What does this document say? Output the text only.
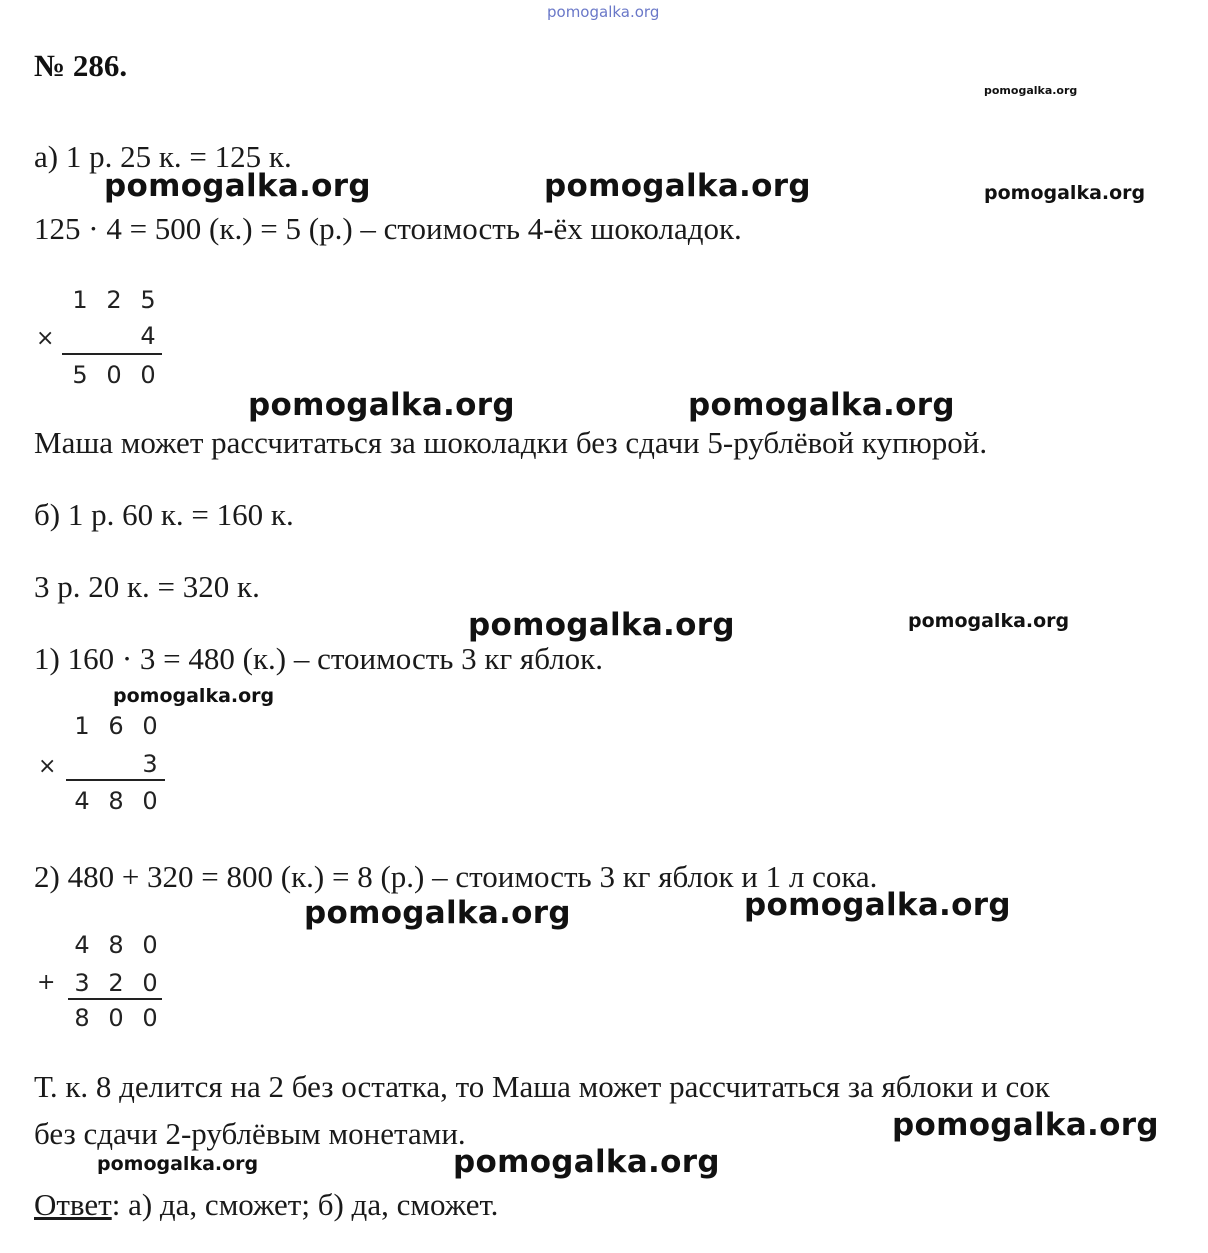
pomogalka.org
№ 286.
pomogalka.org
а) 1 р. 25 к. = 125 к.
pomogalka.org	pomogalka.org	pomogalka.org
125 · 4 = 500 (к.) = 5 (р.) – стоимость 4-ёх шоколадок.
1 2 5
×	4
5 0 0
pomogalka.org	pomogalka.org
Маша может рассчитаться за шоколадки без сдачи 5-рублёвой купюрой.
б) 1 р. 60 к. = 160 к.
3 р. 20 к. = 320 к.
pomogalka.org	pomogalka.org
1) 160 · 3 = 480 (к.) – стоимость 3 кг яблок.
pomogalka.org
1 6 0
×	3
4 8 0
2) 480 + 320 = 800 (к.) = 8 (р.) – стоимость 3 кг яблок и 1 л сока.
pomogalka.org	pomogalka.org
4 8 0
+ 3 2 0
8 0 0
Т. к. 8 делится на 2 без остатка, то Маша может рассчитаться за яблоки и сок
без сдачи 2-рублёвым монетами.	pomogalka.org
pomogalka.org	pomogalka.org
Ответ: а) да, сможет; б) да, сможет.
